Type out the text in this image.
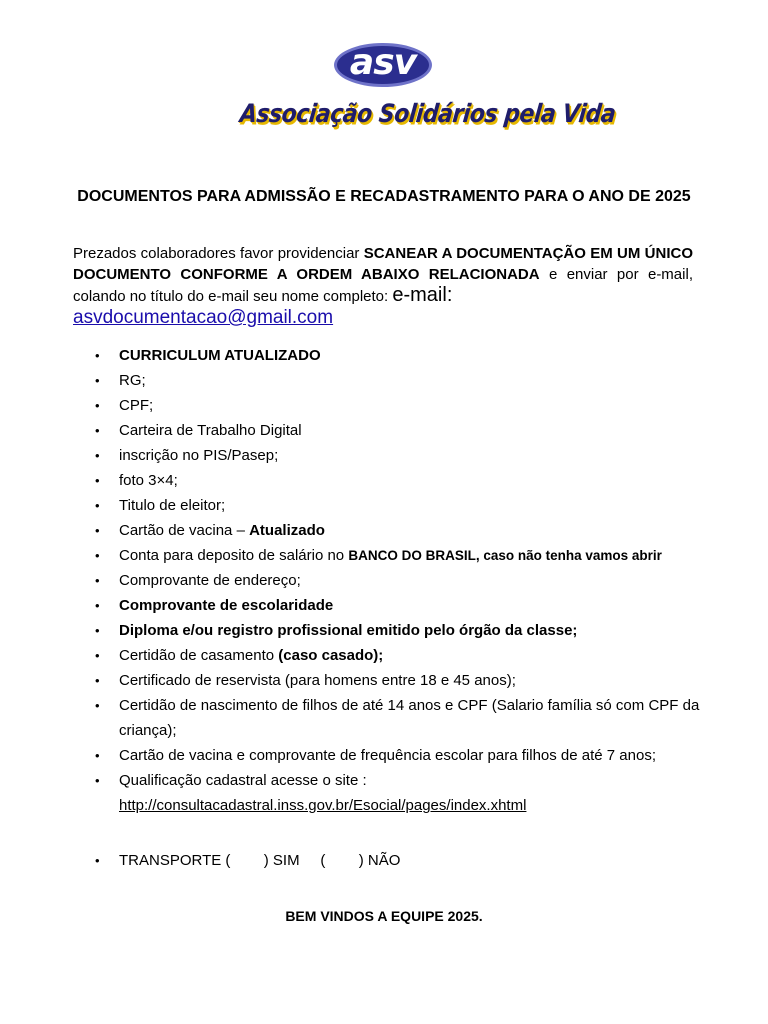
asv
Associação Solidários pela Vida
DOCUMENTOS PARA ADMISSÃO E RECADASTRAMENTO PARA O ANO DE 2025
Prezados colaboradores favor providenciar SCANEAR A DOCUMENTAÇÃO EM UM ÚNICO DOCUMENTO CONFORME A ORDEM ABAIXO RELACIONADA e enviar por e-mail, colando no título do e-mail seu nome completo: e-mail:
asvdocumentacao@gmail.com
• CURRICULUM ATUALIZADO
• RG;
• CPF;
• Carteira de Trabalho Digital
• inscrição no PIS/Pasep;
• foto 3×4;
• Titulo de eleitor;
• Cartão de vacina – Atualizado
• Conta para deposito de salário no BANCO DO BRASIL, caso não tenha vamos abrir
• Comprovante de endereço;
• Comprovante de escolaridade
• Diploma e/ou registro profissional emitido pelo órgão da classe;
• Certidão de casamento (caso casado);
• Certificado de reservista (para homens entre 18 e 45 anos);
• Certidão de nascimento de filhos de até 14 anos e CPF (Salario família só com CPF da criança);
• Cartão de vacina e comprovante de frequência escolar para filhos de até 7 anos;
• Qualificação cadastral acesse o site :
http://consultacadastral.inss.gov.br/Esocial/pages/index.xhtml
• TRANSPORTE (        ) SIM     (        ) NÃO
BEM VINDOS A EQUIPE 2025.
